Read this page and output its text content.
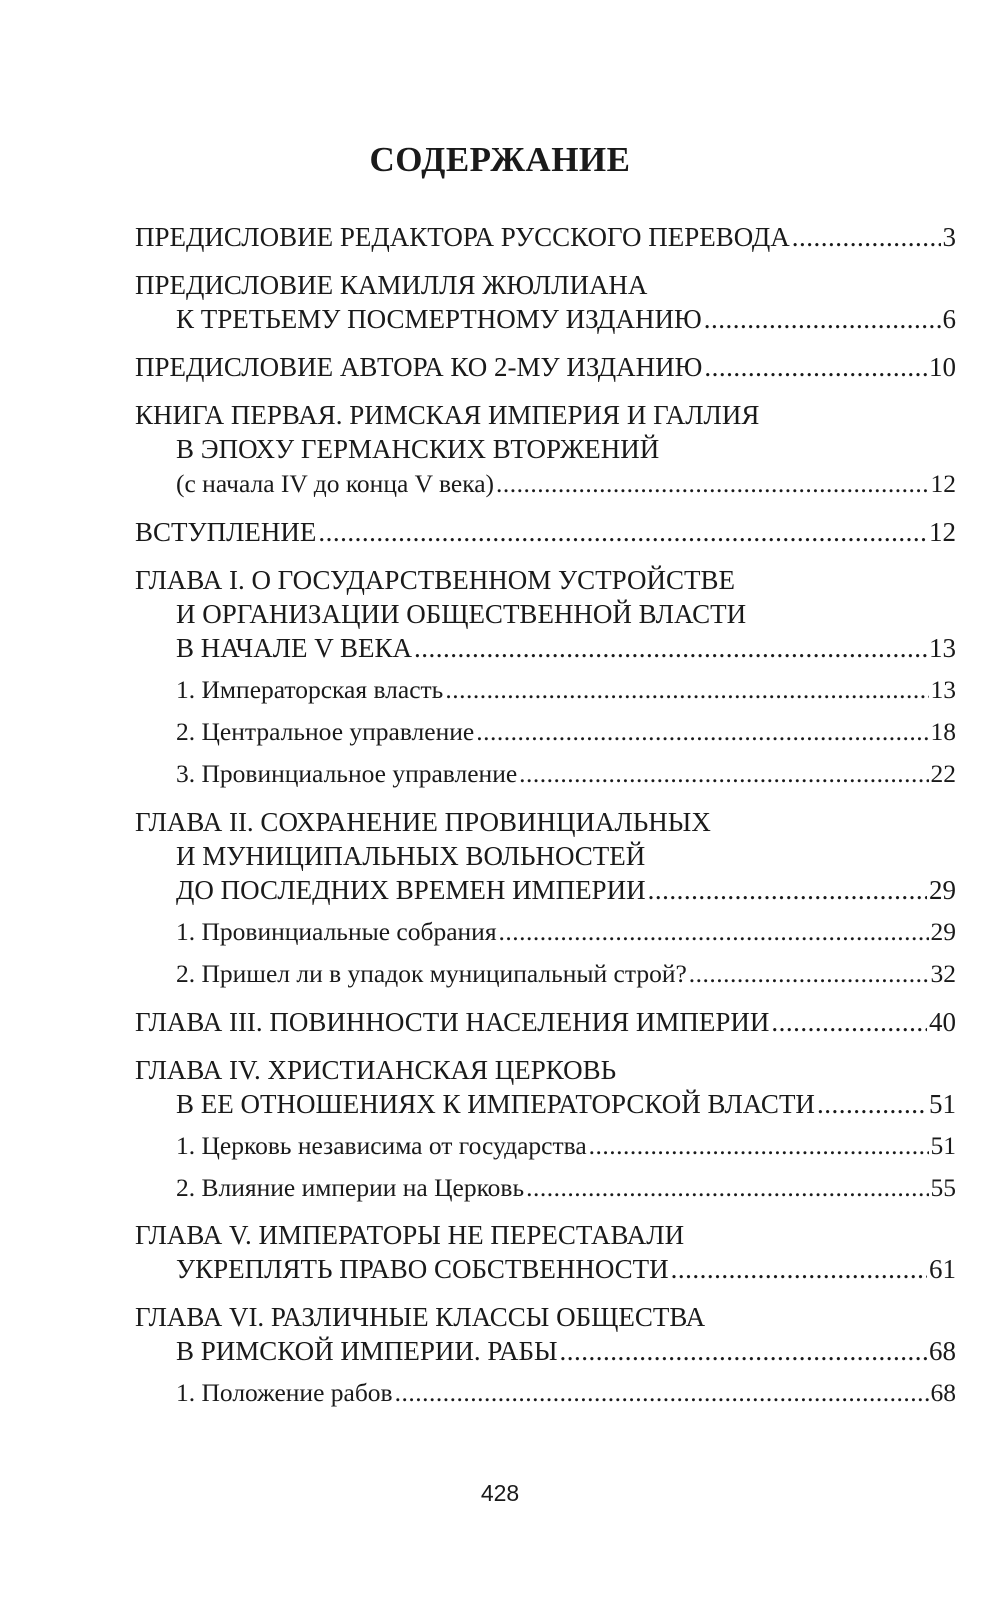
СОДЕРЖАНИЕ
ПРЕДИСЛОВИЕ РЕДАКТОРА РУССКОГО ПЕРЕВОДА .....	3
ПРЕДИСЛОВИЕ КАМИЛЛЯ ЖЮЛЛИАНА
К ТРЕТЬЕМУ ПОСМЕРТНОМУ ИЗДАНИЮ .....	6
ПРЕДИСЛОВИЕ АВТОРА КО 2-МУ ИЗДАНИЮ .....	10
КНИГА ПЕРВАЯ. РИМСКАЯ ИМПЕРИЯ И ГАЛЛИЯ
В ЭПОХУ ГЕРМАНСКИХ ВТОРЖЕНИЙ
(с начала IV до конца V века) .....	12
ВСТУПЛЕНИЕ .....	12
ГЛАВА I. О ГОСУДАРСТВЕННОМ УСТРОЙСТВЕ
И ОРГАНИЗАЦИИ ОБЩЕСТВЕННОЙ ВЛАСТИ
В НАЧАЛЕ V ВЕКА .....	13
1. Императорская власть .....	13
2. Центральное управление .....	18
3. Провинциальное управление .....	22
ГЛАВА II. СОХРАНЕНИЕ ПРОВИНЦИАЛЬНЫХ
И МУНИЦИПАЛЬНЫХ ВОЛЬНОСТЕЙ
ДО ПОСЛЕДНИХ ВРЕМЕН ИМПЕРИИ .....	29
1. Провинциальные собрания .....	29
2. Пришел ли в упадок муниципальный строй? .....	32
ГЛАВА III. ПОВИННОСТИ НАСЕЛЕНИЯ ИМПЕРИИ .....	40
ГЛАВА IV. ХРИСТИАНСКАЯ ЦЕРКОВЬ
В ЕЕ ОТНОШЕНИЯХ К ИМПЕРАТОРСКОЙ ВЛАСТИ .....	51
1. Церковь независима от государства .....	51
2. Влияние империи на Церковь .....	55
ГЛАВА V. ИМПЕРАТОРЫ НЕ ПЕРЕСТАВАЛИ
УКРЕПЛЯТЬ ПРАВО СОБСТВЕННОСТИ .....	61
ГЛАВА VI. РАЗЛИЧНЫЕ КЛАССЫ ОБЩЕСТВА
В РИМСКОЙ ИМПЕРИИ. РАБЫ .....	68
1. Положение рабов .....	68
428
